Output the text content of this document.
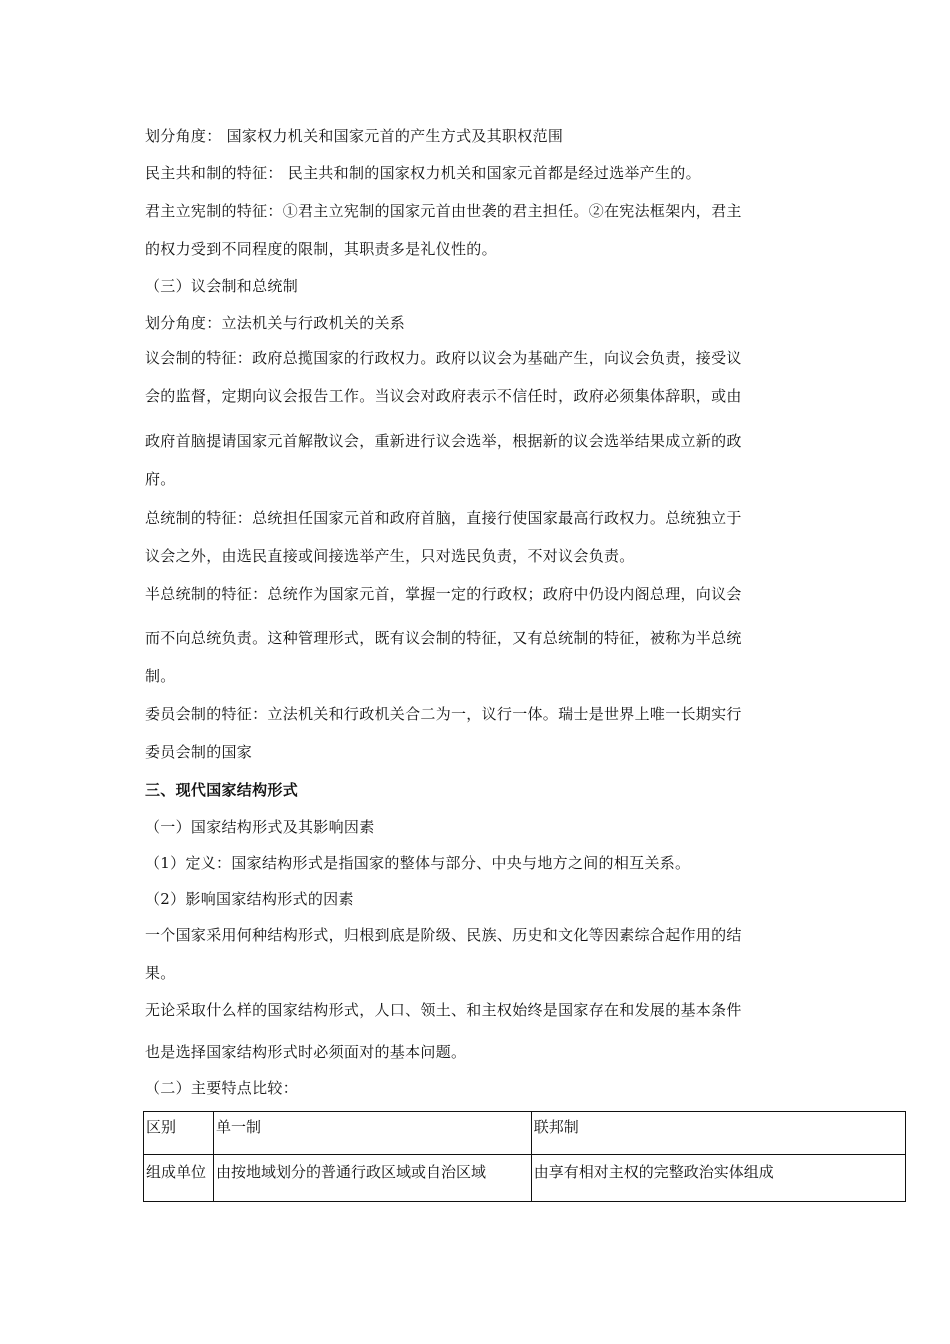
划分角度： 国家权力机关和国家元首的产生方式及其职权范围
民主共和制的特征： 民主共和制的国家权力机关和国家元首都是经过选举产生的。
君主立宪制的特征：①君主立宪制的国家元首由世袭的君主担任。②在宪法框架内，君主
的权力受到不同程度的限制，其职责多是礼仪性的。
（三）议会制和总统制
划分角度：立法机关与行政机关的关系
议会制的特征：政府总揽国家的行政权力。政府以议会为基础产生，向议会负责，接受议
会的监督，定期向议会报告工作。当议会对政府表示不信任时，政府必须集体辞职，或由
政府首脑提请国家元首解散议会，重新进行议会选举，根据新的议会选举结果成立新的政
府。
总统制的特征：总统担任国家元首和政府首脑，直接行使国家最高行政权力。总统独立于
议会之外，由选民直接或间接选举产生，只对选民负责，不对议会负责。
半总统制的特征：总统作为国家元首，掌握一定的行政权；政府中仍设内阁总理，向议会
而不向总统负责。这种管理形式，既有议会制的特征，又有总统制的特征，被称为半总统
制。
委员会制的特征：立法机关和行政机关合二为一，议行一体。瑞士是世界上唯一长期实行
委员会制的国家
三、现代国家结构形式
（一）国家结构形式及其影响因素
（1）定义：国家结构形式是指国家的整体与部分、中央与地方之间的相互关系。
（2）影响国家结构形式的因素
一个国家采用何种结构形式，归根到底是阶级、民族、历史和文化等因素综合起作用的结
果。
无论采取什么样的国家结构形式，人口、领土、和主权始终是国家存在和发展的基本条件
也是选择国家结构形式时必须面对的基本问题。
（二）主要特点比较：
区别	单一制	联邦制
组成单位	由按地域划分的普通行政区域或自治区域	由享有相对主权的完整政治实体组成
